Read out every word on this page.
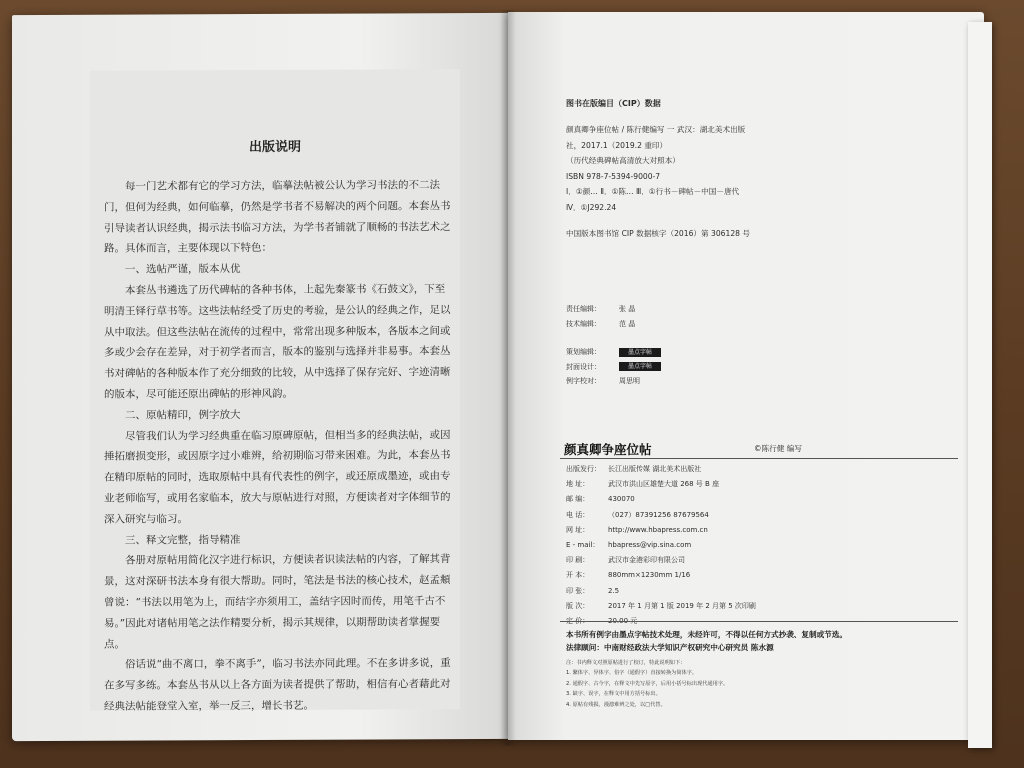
出版说明

每一门艺术都有它的学习方法，临摹法帖被公认为学习书法的不二法门，但何为经典，如何临摹，仍然是学书者不易解决的两个问题。本套丛书引导读者认识经典，揭示法书临习方法，为学书者铺就了顺畅的书法艺术之路。具体而言，主要体现以下特色：

一、选帖严谨，版本从优

本套丛书遴选了历代碑帖的各种书体，上起先秦篆书《石鼓文》，下至明清王铎行草书等。这些法帖经受了历史的考验，是公认的经典之作，足以从中取法。但这些法帖在流传的过程中，常常出现多种版本，各版本之间或多或少会存在差异，对于初学者而言，版本的鉴别与选择并非易事。本套丛书对碑帖的各种版本作了充分细致的比较，从中选择了保存完好、字迹清晰的版本，尽可能还原出碑帖的形神风韵。

二、原帖精印，例字放大

尽管我们认为学习经典重在临习原碑原帖，但相当多的经典法帖，或因捶拓磨损变形，或因原字过小难辨，给初期临习带来困难。为此，本套丛书在精印原帖的同时，选取原帖中具有代表性的例字，或还原成墨迹，或由专业老师临写，或用名家临本，放大与原帖进行对照，方便读者对字体细节的深入研究与临习。

三、释文完整，指导精准

各册对原帖用简化汉字进行标识，方便读者识读法帖的内容，了解其背景，这对深研书法本身有很大帮助。同时，笔法是书法的核心技术，赵孟頫曾说：“书法以用笔为上，而结字亦须用工，盖结字因时而传，用笔千古不易。”因此对诸帖用笔之法作精要分析，揭示其规律，以期帮助读者掌握要点。

俗话说“曲不离口，拳不离手”，临习书法亦同此理。不在多讲多说，重在多写多练。本套丛书从以上各方面为读者提供了帮助，相信有心者藉此对经典法帖能登堂入室，举一反三，增长书艺。

图书在版编目（CIP）数据
颜真卿争座位帖 / 陈行健编写 一 武汉：湖北美术出版
社，2017.1（2019.2 重印）
（历代经典碑帖高清放大对照本）
ISBN 978-7-5394-9000-7
Ⅰ．①颜… Ⅱ．①陈… Ⅲ．①行书－碑帖－中国－唐代
Ⅳ．①J292.24
中国版本图书馆 CIP 数据核字（2016）第 306128 号
责任编辑：	张 晶
技术编辑：	范 晶
策划编辑：	墨点字帖
封面设计：	墨点字帖
例字校对：	周思明
颜真卿争座位帖	©陈行健 编写
出版发行： 长江出版传媒 湖北美术出版社
地 址：	武汉市洪山区雄楚大道 268 号 B 座
邮 编：	430070
电 话：	（027）87391256 87679564
网 址：	http://www.hbapress.com.cn
E - mail： hbapress@vip.sina.com
印 刷：	武汉市金港彩印有限公司
开 本：	880mm×1230mm 1/16
印 张：	2.5
版 次：	2017 年 1 月第 1 版 2019 年 2 月第 5 次印刷
定 价：	20.00 元
本书所有例字由墨点字帖技术处理，未经许可，不得以任何方式抄袭、复制或节选。
法律顾问：中南财经政法大学知识产权研究中心研究员 陈水源
注：书内释文对照原帖进行了校订，特此说明如下：
1. 繁体字、异体字、俗字（通假字）直接转换为简体字。
2. 通假字、古今字，在释文中先写原字，后用小括号标出现代通用字。
3. 缺字、误字，在释文中用方括号标出。
4. 原帖有残损、漫漶难辨之处，以□代替。
